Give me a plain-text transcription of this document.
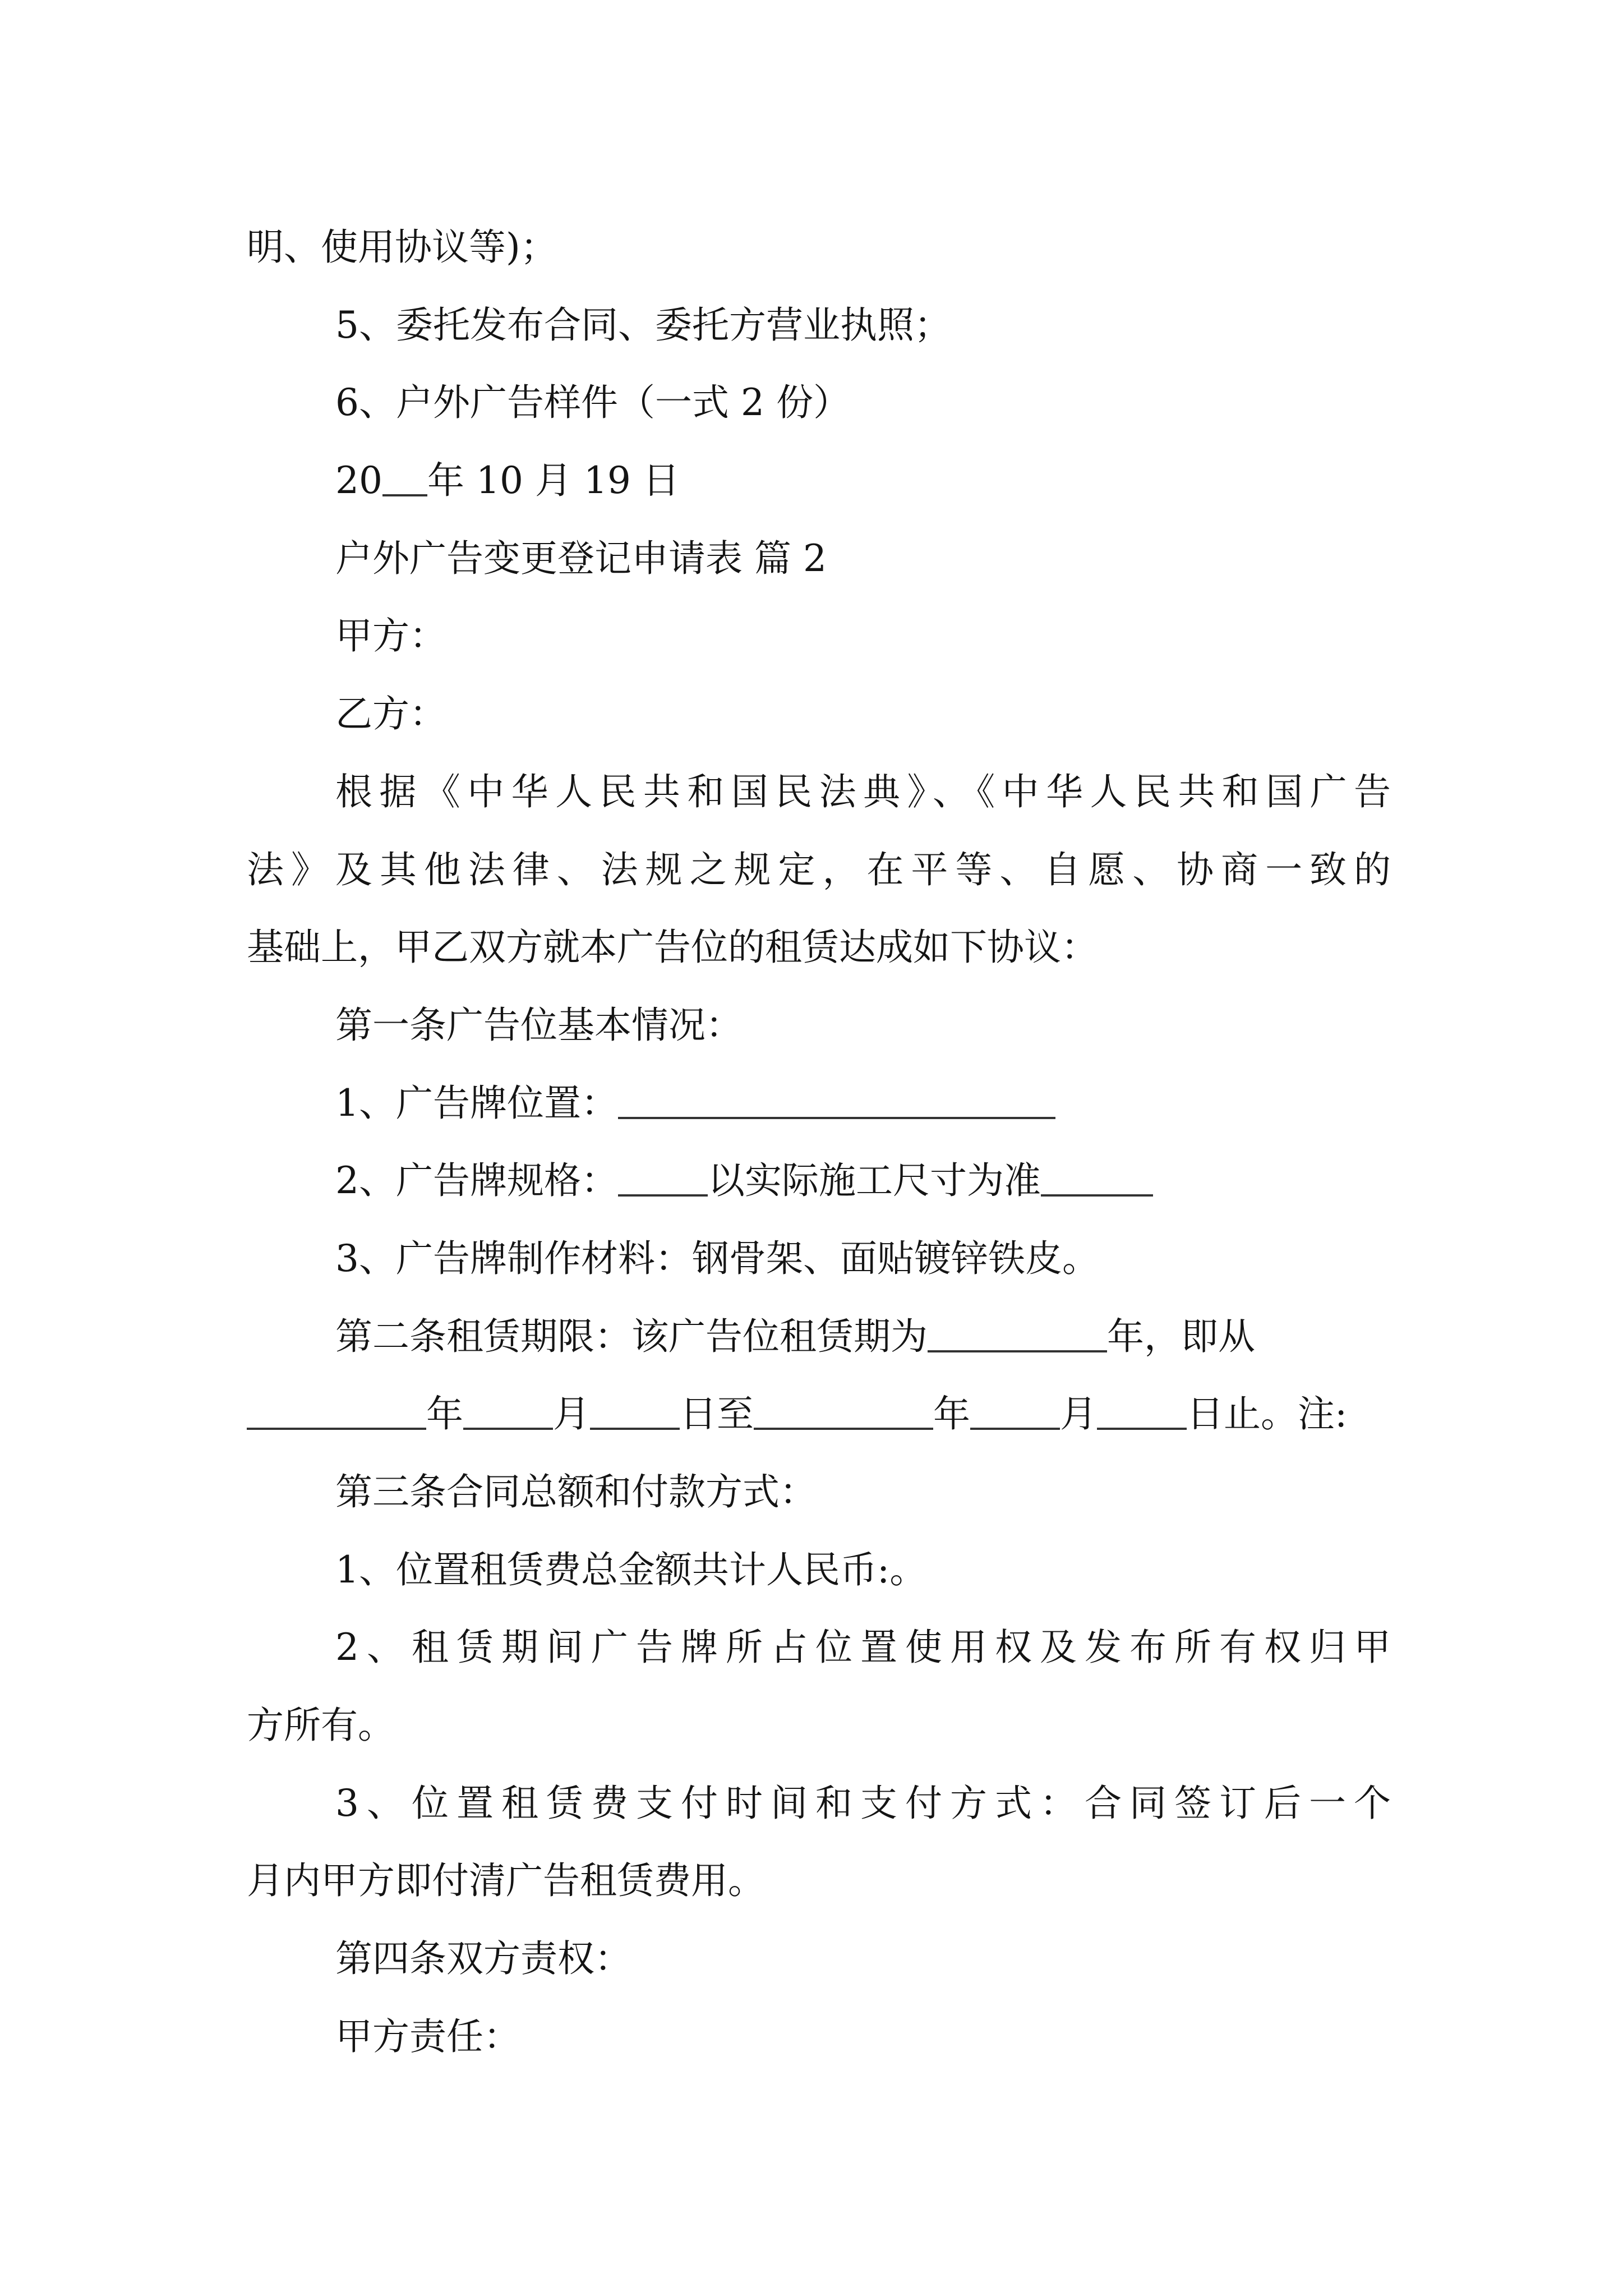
明、使用协议等)；
5、委托发布合同、委托方营业执照；
6、户外广告样件（一式 2 份）
20 年 10 月 19 日
户外广告变更登记申请表 篇 2
甲方：
乙方：
根据《中华人民共和国民法典》、《中华人民共和国广告
法》及其他法律、法规之规定，在平等、自愿、协商一致的
基础上，甲乙双方就本广告位的租赁达成如下协议：
第一条广告位基本情况：
1、广告牌位置：
2、广告牌规格： 以实际施工尺寸为准
3、广告牌制作材料：钢骨架、面贴镀锌铁皮。
第二条租赁期限：该广告位租赁期为	年，即从
年 月 日至	年 月 日止。注:
第三条合同总额和付款方式：
1、位置租赁费总金额共计人民币:。
2、租赁期间广告牌所占位置使用权及发布所有权归甲
方所有。
3、位置租赁费支付时间和支付方式：合同签订后一个
月内甲方即付清广告租赁费用。
第四条双方责权：
甲方责任：
